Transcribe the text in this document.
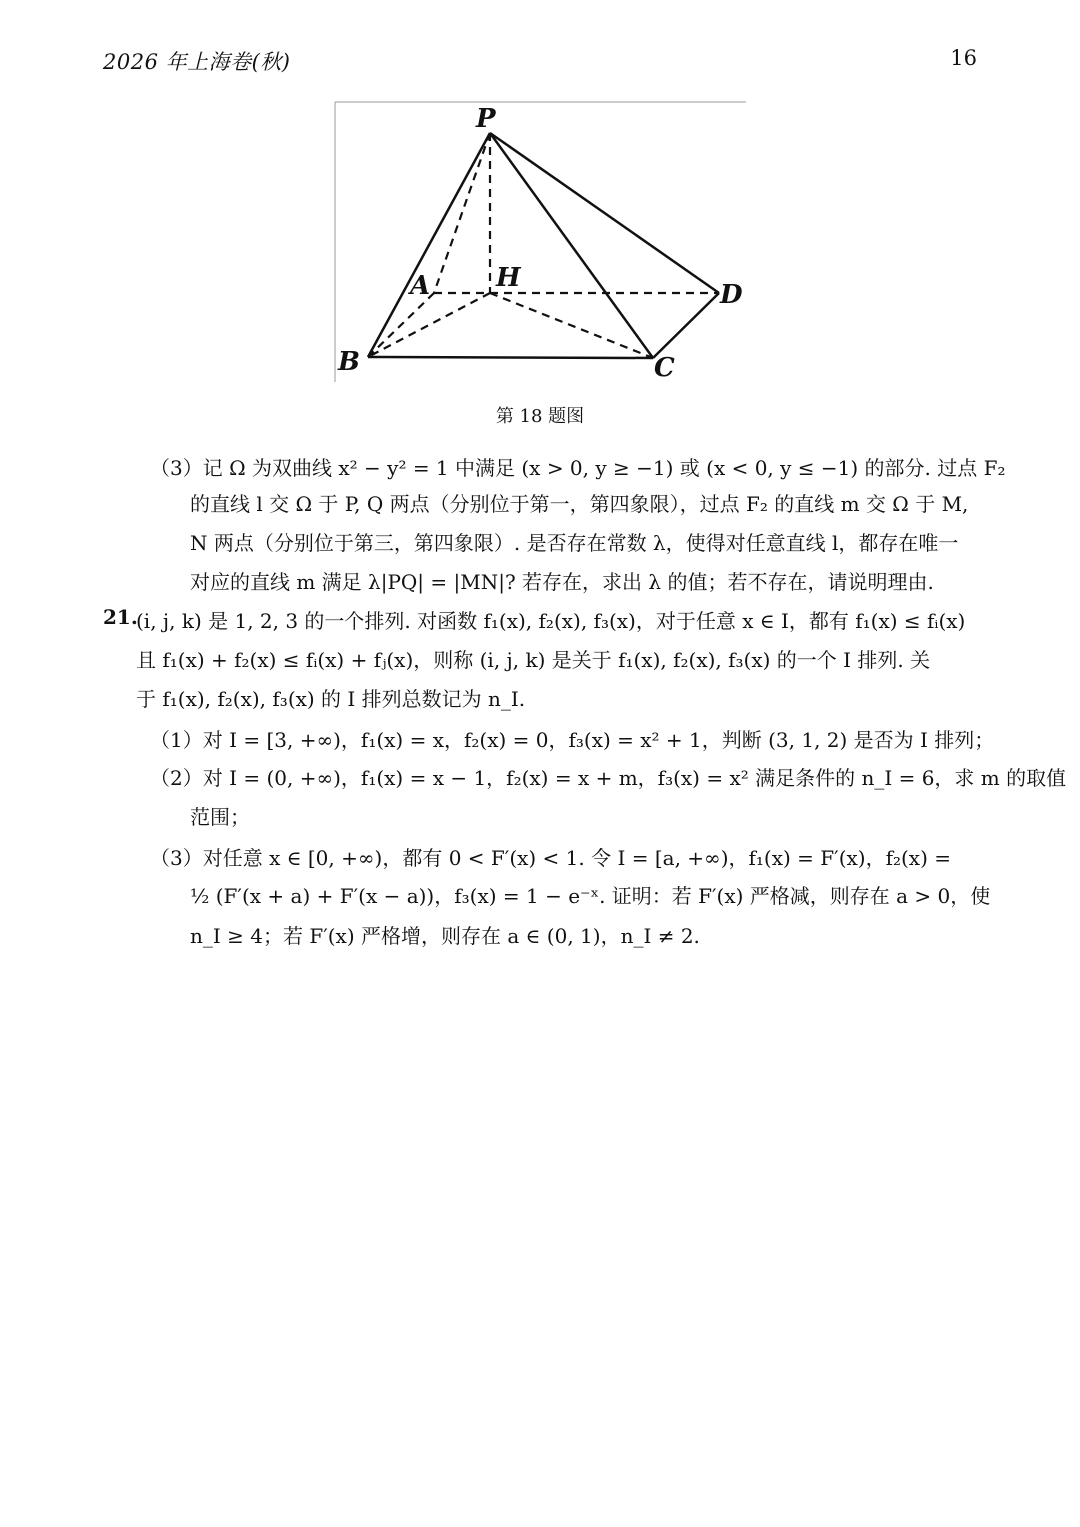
2026 年上海卷(秋)	16
P
A	H
D
B	C
第 18 题图
（3）记 Ω 为双曲线 x² − y² = 1 中满足 (x > 0, y ≥ −1) 或 (x < 0, y ≤ −1) 的部分. 过点 F₂
的直线 l 交 Ω 于 P, Q 两点（分别位于第一，第四象限），过点 F₂ 的直线 m 交 Ω 于 M,
N 两点（分别位于第三，第四象限）. 是否存在常数 λ，使得对任意直线 l，都存在唯一
对应的直线 m 满足 λ|PQ| = |MN|? 若存在，求出 λ 的值；若不存在，请说明理由.
21.
(i, j, k) 是 1, 2, 3 的一个排列. 对函数 f₁(x), f₂(x), f₃(x)，对于任意 x ∈ I，都有 f₁(x) ≤ fᵢ(x)
且 f₁(x) + f₂(x) ≤ fᵢ(x) + fⱼ(x)，则称 (i, j, k) 是关于 f₁(x), f₂(x), f₃(x) 的一个 I 排列. 关
于 f₁(x), f₂(x), f₃(x) 的 I 排列总数记为 n_I.
（1）对 I = [3, +∞)，f₁(x) = x，f₂(x) = 0，f₃(x) = x² + 1，判断 (3, 1, 2) 是否为 I 排列；
（2）对 I = (0, +∞)，f₁(x) = x − 1，f₂(x) = x + m，f₃(x) = x² 满足条件的 n_I = 6，求 m 的取值
范围；
（3）对任意 x ∈ [0, +∞)，都有 0 < F′(x) < 1. 令 I = [a, +∞)，f₁(x) = F′(x)，f₂(x) =
½ (F′(x + a) + F′(x − a))，f₃(x) = 1 − e⁻ˣ. 证明：若 F′(x) 严格减，则存在 a > 0，使
n_I ≥ 4；若 F′(x) 严格增，则存在 a ∈ (0, 1)，n_I ≠ 2.
